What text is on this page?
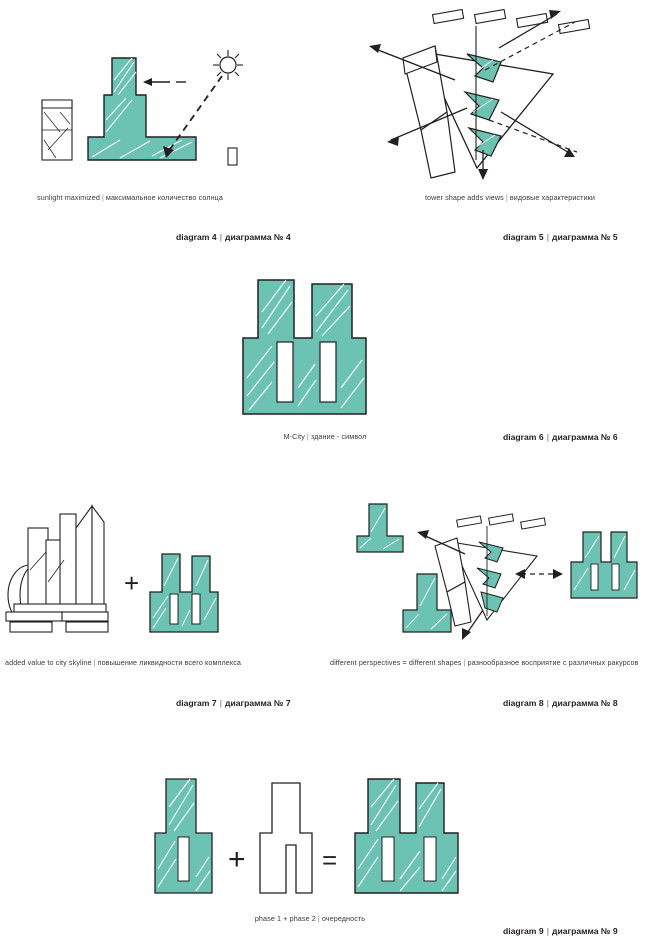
sunlight maximized | максимальное количество солнца
diagram 4 | диаграмма № 4
tower shape adds views | видовые характеристики
diagram 5 | диаграмма № 5
M-City | здание - символ	diagram 6 | диаграмма № 6
+
added value to city skyline | повышение ликвидности всего комплекса
diagram 7 | диаграмма № 7
different perspectives = different shapes | разнообразное восприятие с различных ракурсов
diagram 8 | диаграмма № 8
+	=
phase 1 + phase 2 | очередность
diagram 9 | диаграмма № 9
